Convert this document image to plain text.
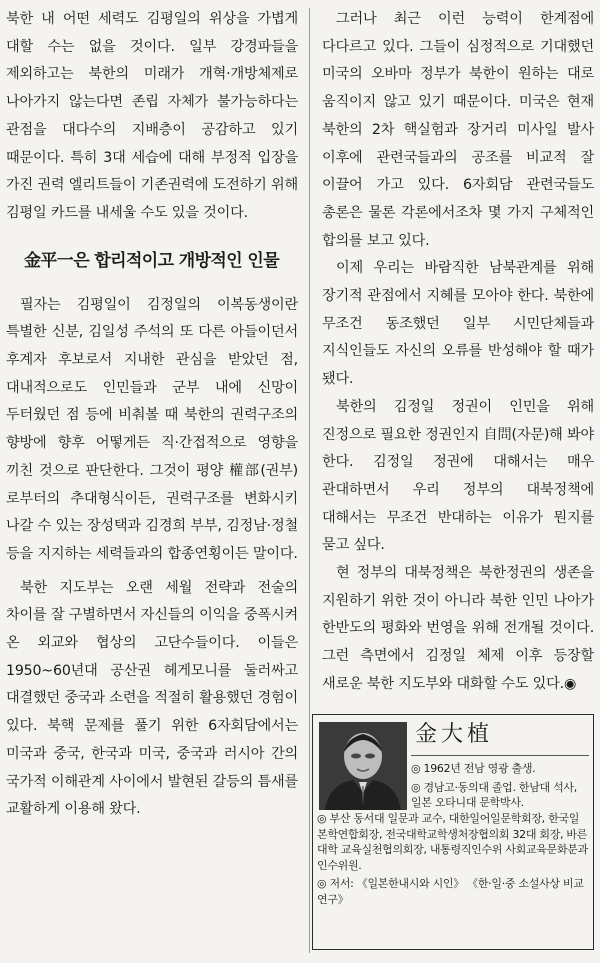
북한 내 어떤 세력도 김평일의 위상을 가볍게 대할 수는 없을 것이다. 일부 강경파들을 제외하고는 북한의 미래가 개혁·개방체제로 나아가지 않는다면 존립 자체가 불가능하다는 관점을 대다수의 지배층이 공감하고 있기 때문이다. 특히 3대 세습에 대해 부정적 입장을 가진 권력 엘리트들이 기존권력에 도전하기 위해 김평일 카드를 내세울 수도 있을 것이다.

金平一은 합리적이고 개방적인 인물

필자는 김평일이 김정일의 이복동생이란 특별한 신분, 김일성 주석의 또 다른 아들이던서 후계자 후보로서 지내한 관심을 받았던 점, 대내적으로도 인민들과 군부 내에 신망이 두터웠던 점 등에 비춰볼 때 북한의 권력구조의 향방에 향후 어떻게든 직·간접적으로 영향을 끼친 것으로 판단한다. 그것이 평양 權部(권부)로부터의 추대형식이든, 권력구조를 변화시키 나갈 수 있는 장성택과 김경희 부부, 김정남·정철 등을 지지하는 세력들과의 합종연횡이든 말이다.

북한 지도부는 오랜 세월 전략과 전술의 차이를 잘 구별하면서 자신들의 이익을 중폭시켜 온 외교와 협상의 고단수들이다. 이들은 1950~60년대 공산권 헤게모니를 둘러싸고 대결했던 중국과 소련을 적절히 활용했던 경험이 있다. 북핵 문제를 풀기 위한 6자회담에서는 미국과 중국, 한국과 미국, 중국과 러시아 간의 국가적 이해관계 사이에서 발현된 갈등의 틈새를 교활하게 이용해 왔다.

그러나 최근 이런 능력이 한계점에 다다르고 있다. 그들이 심정적으로 기대했던 미국의 오바마 정부가 북한이 원하는 대로 움직이지 않고 있기 때문이다. 미국은 현재 북한의 2차 핵실험과 장거리 미사일 발사 이후에 관련국들과의 공조를 비교적 잘 이끌어 가고 있다. 6자회담 관련국들도 총론은 물론 각론에서조차 몇 가지 구체적인 합의를 보고 있다.

이제 우리는 바람직한 남북관계를 위해 장기적 관점에서 지혜를 모아야 한다. 북한에 무조건 동조했던 일부 시민단체들과 지식인들도 자신의 오류를 반성해야 할 때가 됐다.

북한의 김정일 정권이 인민을 위해 진정으로 필요한 정권인지 自問(자문)해 봐야 한다. 김정일 정권에 대해서는 매우 관대하면서 우리 정부의 대북정책에 대해서는 무조건 반대하는 이유가 뭔지를 묻고 싶다.

현 정부의 대북정책은 북한정권의 생존을 지원하기 위한 것이 아니라 북한 인민 나아가 한반도의 평화와 번영을 위해 전개될 것이다. 그런 측면에서 김정일 체제 이후 등장할 새로운 북한 지도부와 대화할 수도 있다.◉

金大植
◎ 1962년 전남 영광 출생.
◎ 경남고·동의대 졸업. 한남대 석사, 일본 오타니대 문학박사.
◎ 부산 동서대 일문과 교수, 대한일어일문학회장, 한국일본학연합회장, 전국대학교학생처장협의회 32대 회장, 바른대학 교육실천협의회장, 내통령직인수위 사회교육문화분과 인수위원.
◎ 저서: 《일본한내시와 시인》 《한·일·중 소설사상 비교연구》
